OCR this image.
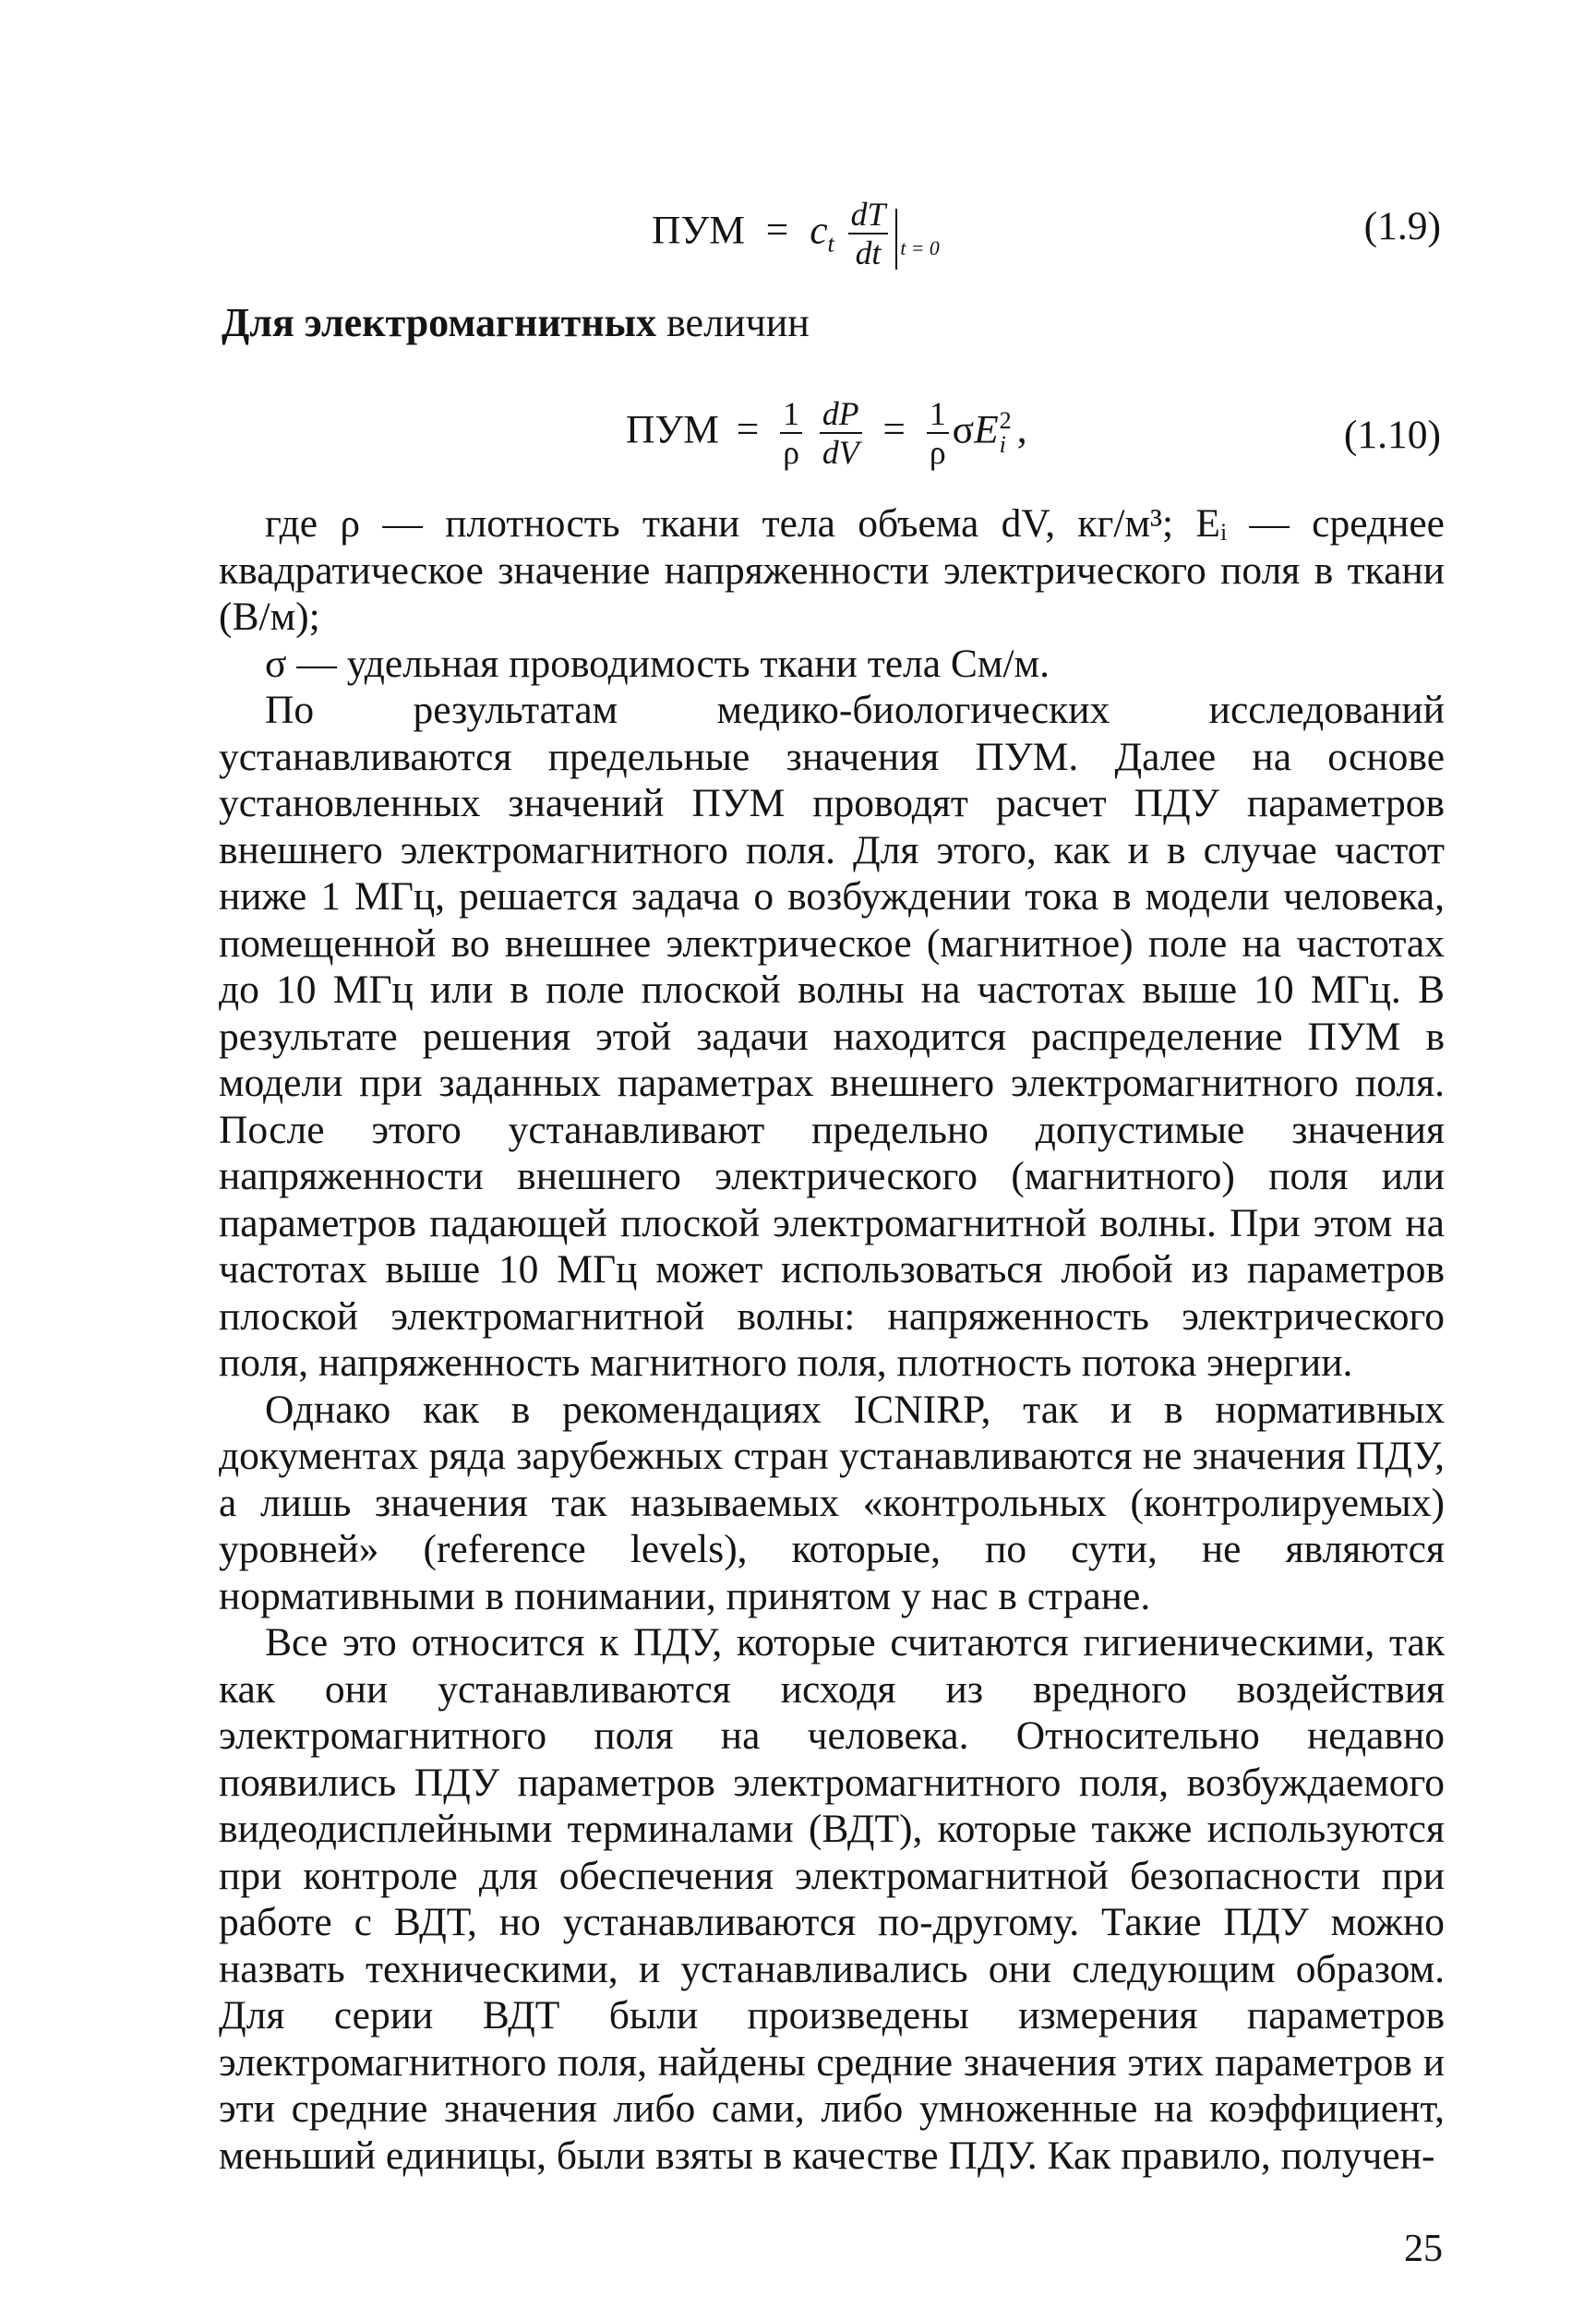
ПУМ = $c_t \frac{dT}{dt} _{t = 0}$
(1.9)
Для электромагнитных величин
ПУМ = $\frac{1}{\rho}$
$\frac{dP}{dV} = \frac{1}{\rho}$ σE 2
i ,	(1.10)

где ρ — плотность ткани тела объема dV, кг/м³; Eᵢ — среднее квадратическое значение напряженности электрического поля в ткани (В/м);

σ — удельная проводимость ткани тела См/м.

По результатам медико-биологических исследований устанавливаются предельные значения ПУМ. Далее на основе установленных значений ПУМ проводят расчет ПДУ параметров внешнего электромагнитного поля. Для этого, как и в случае частот ниже 1 МГц, решается задача о возбуждении тока в модели человека, помещенной во внешнее электрическое (магнитное) поле на частотах до 10 МГц или в поле плоской волны на частотах выше 10 МГц. В результате решения этой задачи находится распределение ПУМ в модели при заданных параметрах внешнего электромагнитного поля. После этого устанавливают предельно допустимые значения напряженности внешнего электрического (магнитного) поля или параметров падающей плоской электромагнитной волны. При этом на частотах выше 10 МГц может использоваться любой из параметров плоской электромагнитной волны: напряженность электрического поля, напряженность магнитного поля, плотность потока энергии.

Однако как в рекомендациях ICNIRP, так и в нормативных документах ряда зарубежных стран устанавливаются не значения ПДУ, а лишь значения так называемых «контрольных (контролируемых) уровней» (reference levels), которые, по сути, не являются нормативными в понимании, принятом у нас в стране.

Все это относится к ПДУ, которые считаются гигиеническими, так как они устанавливаются исходя из вредного воздействия электромагнитного поля на человека. Относительно недавно появились ПДУ параметров электромагнитного поля, возбуждаемого видеодисплейными терминалами (ВДТ), которые также используются при контроле для обеспечения электромагнитной безопасности при работе с ВДТ, но устанавливаются по-другому. Такие ПДУ можно назвать техническими, и устанавливались они следующим образом. Для серии ВДТ были произведены измерения параметров электромагнитного поля, найдены средние значения этих параметров и эти средние значения либо сами, либо умноженные на коэффициент, меньший единицы, были взяты в качестве ПДУ. Как правило, получен-

25
